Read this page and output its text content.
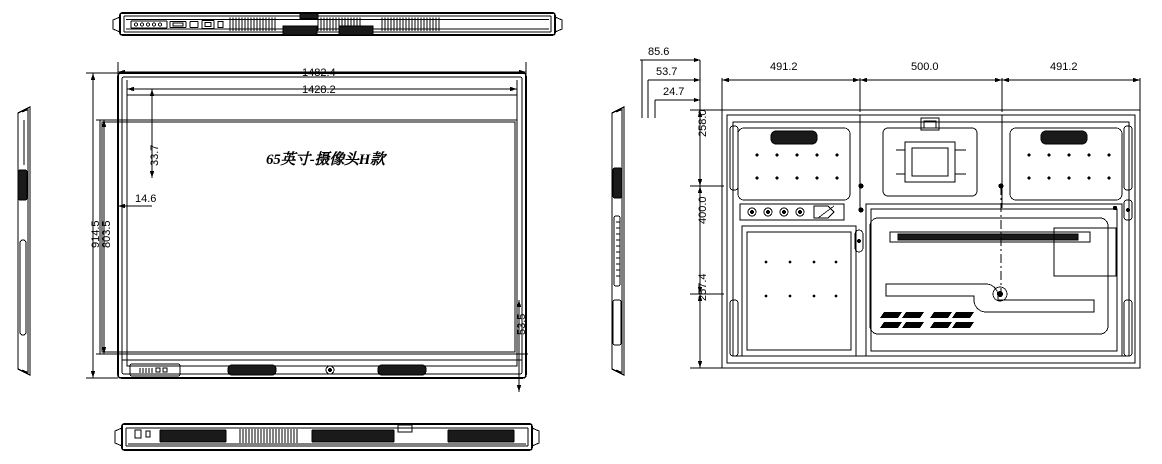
65英寸-摄像头H款
1482.4
1428.2
914.5 803.5
33.7
14.6
53.5
85.6
53.7
24.7
491.2	500.0	491.2
258.0
400.0
257.4
